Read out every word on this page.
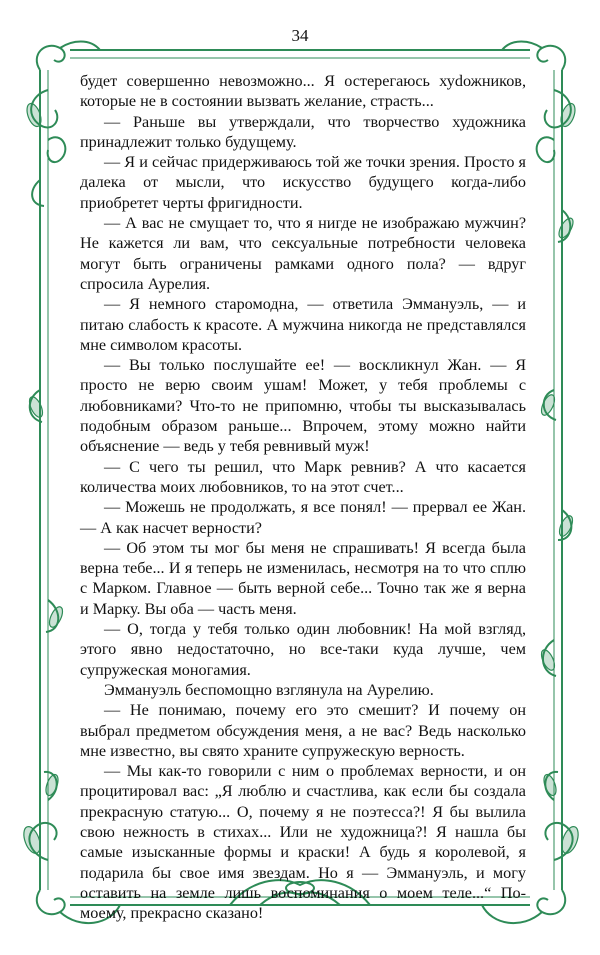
34

будет совершенно невозможно... Я остерегаюсь хуdожников, которые не в состоянии вызвать желание, страсть...

— Раньше вы утверждали, что творчество художника принадлежит только будущему.

— Я и сейчас придерживаюсь той же точки зрения. Просто я далека от мысли, что искусство будущего когда-либо приобретет черты фригидности.

— А вас не смущает то, что я нигде не изображаю мужчин? Не кажется ли вам, что сексуальные потребности человека могут быть ограничены рамками одного пола? — вдруг спросила Аурелия.

— Я немного старомодна, — ответила Эммануэль, — и питаю слабость к красоте. А мужчина никогда не представлялся мне символом красоты.

— Вы только послушайте ее! — воскликнул Жан. — Я просто не верю своим ушам! Может, у тебя проблемы с любовниками? Что-то не припомню, чтобы ты высказывалась подобным образом раньше... Впрочем, этому можно найти объяснение — ведь у тебя ревнивый муж!

— С чего ты решил, что Марк ревнив? А что касается количества моих любовников, то на этот счет...

— Можешь не продолжать, я все понял! — прервал ее Жан. — А как насчет верности?

— Об этом ты мог бы меня не спрашивать! Я всегда была верна тебе... И я теперь не изменилась, несмотря на то что сплю с Марком. Главное — быть верной себе... Точно так же я верна и Марку. Вы оба — часть меня.

— О, тогда у тебя только один любовник! На мой взгляд, этого явно недостаточно, но все-таки куда лучше, чем супружеская моногамия.

Эммануэль беспомощно взглянула на Аурелию.

— Не понимаю, почему его это смешит? И почему он выбрал предметом обсуждения меня, а не вас? Ведь насколько мне известно, вы свято храните супружескую верность.

— Мы как-то говорили с ним о проблемах верности, и он процитировал вас: „Я люблю и счастлива, как если бы создала прекрасную статую... О, почему я не поэтесса?! Я бы вылила свою нежность в стихах... Или не художница?! Я нашла бы самые изысканные формы и краски! А будь я королевой, я подарила бы свое имя звездам. Но я — Эммануэль, и могу оставить на земле лишь воспоминания о моем теле...“ По-моему, прекрасно сказано!
